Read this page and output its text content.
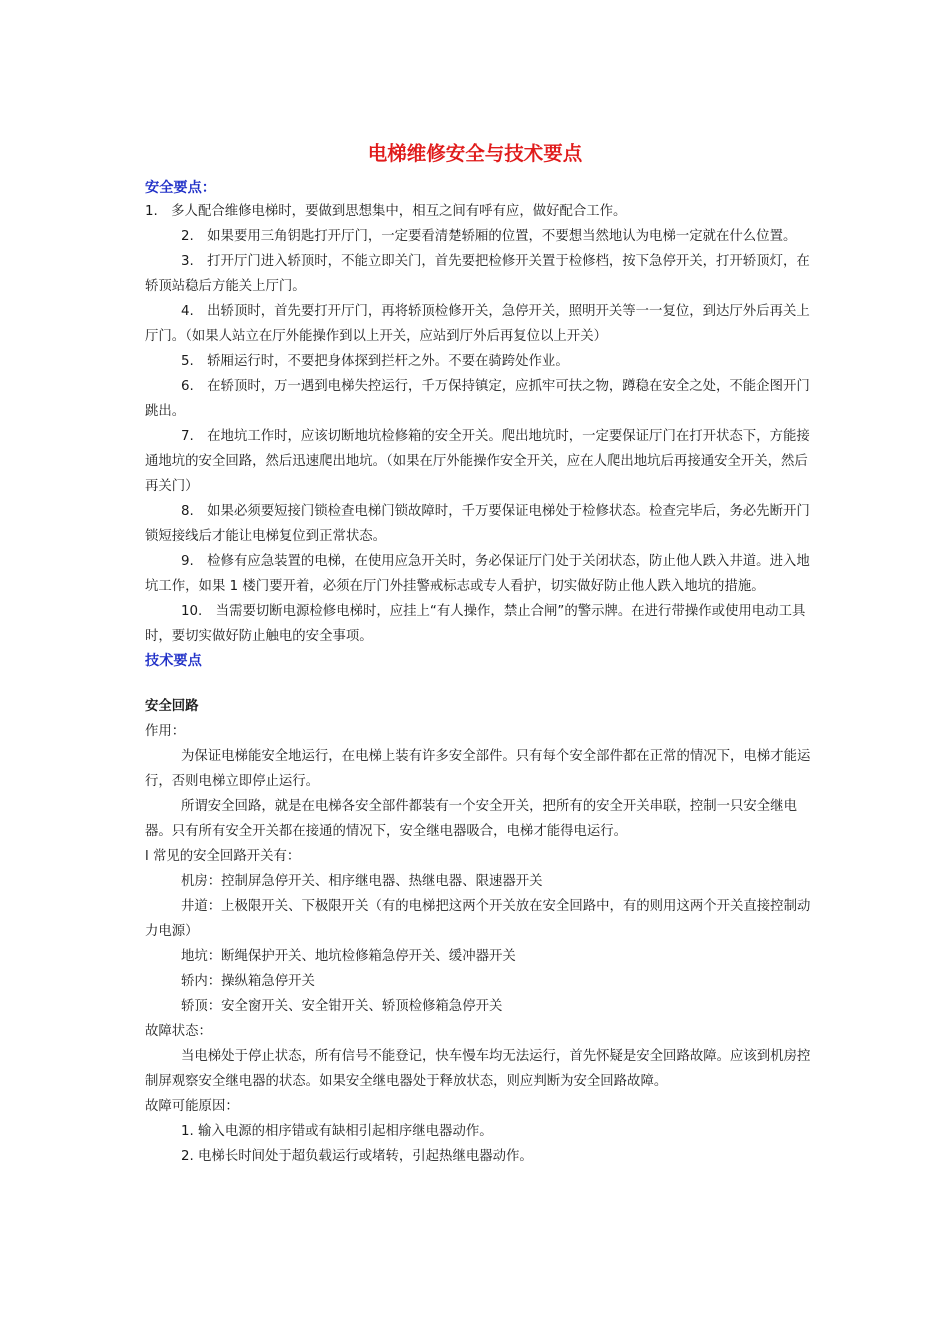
电梯维修安全与技术要点

安全要点：

1.　多人配合维修电梯时，要做到思想集中，相互之间有呼有应，做好配合工作。

2.　如果要用三角钥匙打开厅门，一定要看清楚轿厢的位置，不要想当然地认为电梯一定就在什么位置。

3.　打开厅门进入轿顶时，不能立即关门，首先要把检修开关置于检修档，按下急停开关，打开轿顶灯，在轿顶站稳后方能关上厅门。

4.　出轿顶时，首先要打开厅门，再将轿顶检修开关，急停开关，照明开关等一一复位，到达厅外后再关上厅门。（如果人站立在厅外能操作到以上开关，应站到厅外后再复位以上开关）

5.　轿厢运行时，不要把身体探到拦杆之外。不要在骑跨处作业。

6.　在轿顶时，万一遇到电梯失控运行，千万保持镇定，应抓牢可扶之物，蹲稳在安全之处，不能企图开门跳出。

7.　在地坑工作时，应该切断地坑检修箱的安全开关。爬出地坑时，一定要保证厅门在打开状态下，方能接通地坑的安全回路，然后迅速爬出地坑。（如果在厅外能操作安全开关，应在人爬出地坑后再接通安全开关，然后再关门）

8.　如果必须要短接门锁检查电梯门锁故障时，千万要保证电梯处于检修状态。检查完毕后，务必先断开门锁短接线后才能让电梯复位到正常状态。

9.　检修有应急装置的电梯，在使用应急开关时，务必保证厅门处于关闭状态，防止他人跌入井道。进入地坑工作，如果 1 楼门要开着，必须在厅门外挂警戒标志或专人看护，切实做好防止他人跌入地坑的措施。

10.　当需要切断电源检修电梯时，应挂上“有人操作，禁止合闸”的警示牌。在进行带操作或使用电动工具时，要切实做好防止触电的安全事项。

技术要点

安全回路

作用：

为保证电梯能安全地运行，在电梯上装有许多安全部件。只有每个安全部件都在正常的情况下，电梯才能运行，否则电梯立即停止运行。

所谓安全回路，就是在电梯各安全部件都装有一个安全开关，把所有的安全开关串联，控制一只安全继电器。只有所有安全开关都在接通的情况下，安全继电器吸合，电梯才能得电运行。

l 常见的安全回路开关有：

机房：控制屏急停开关、相序继电器、热继电器、限速器开关

井道：上极限开关、下极限开关（有的电梯把这两个开关放在安全回路中，有的则用这两个开关直接控制动力电源）

地坑：断绳保护开关、地坑检修箱急停开关、缓冲器开关

轿内：操纵箱急停开关

轿顶：安全窗开关、安全钳开关、轿顶检修箱急停开关

故障状态：

当电梯处于停止状态，所有信号不能登记，快车慢车均无法运行，首先怀疑是安全回路故障。应该到机房控制屏观察安全继电器的状态。如果安全继电器处于释放状态，则应判断为安全回路故障。

故障可能原因：

1. 输入电源的相序错或有缺相引起相序继电器动作。

2. 电梯长时间处于超负载运行或堵转，引起热继电器动作。
